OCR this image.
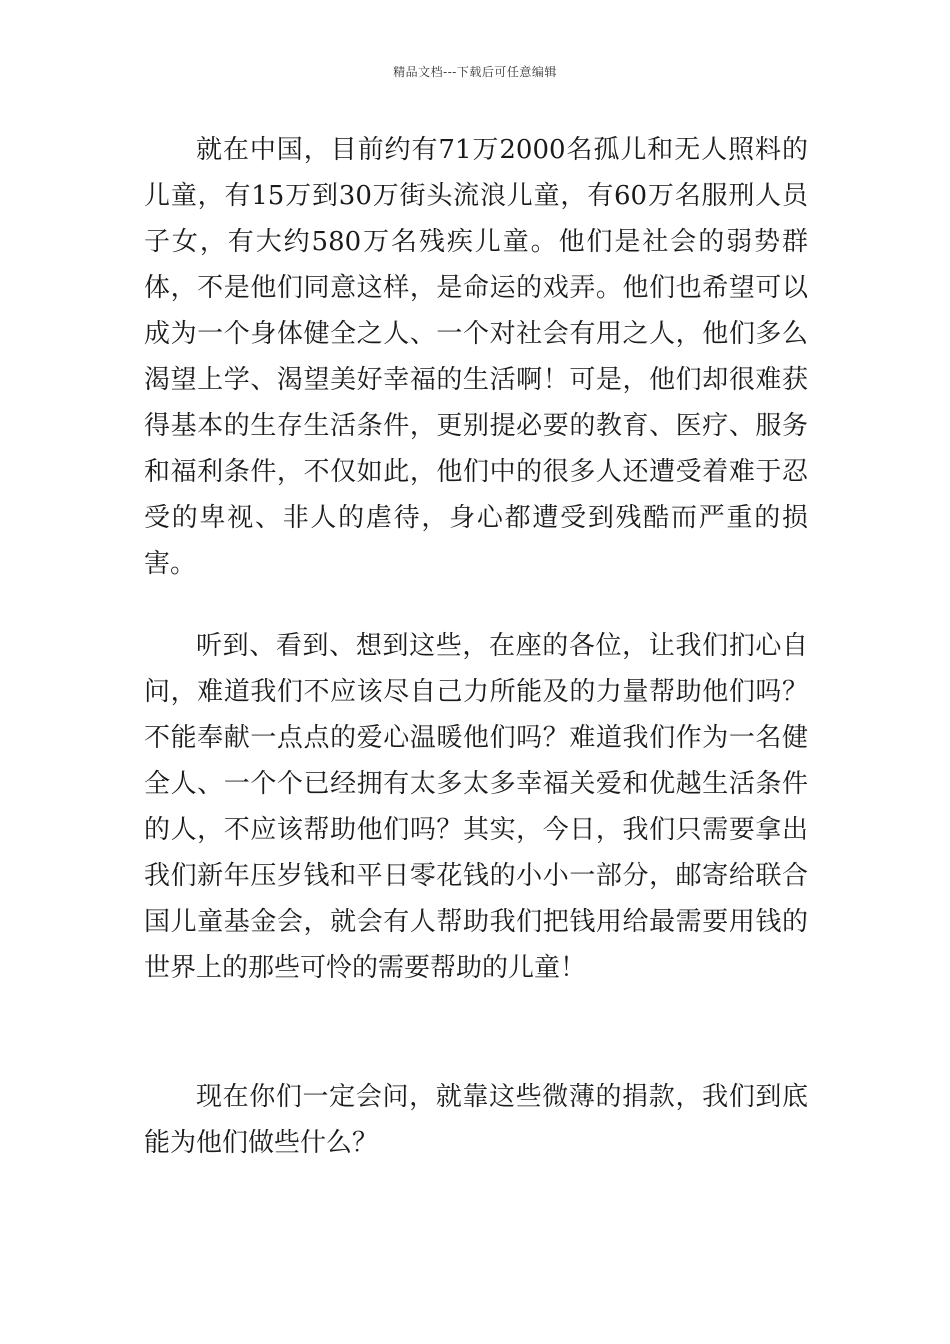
精品文档---下载后可任意编辑

就在中国，目前约有71万2000名孤儿和无人照料的儿童，有15万到30万街头流浪儿童，有60万名服刑人员子女，有大约580万名残疾儿童。他们是社会的弱势群体，不是他们同意这样，是命运的戏弄。他们也希望可以成为一个身体健全之人、一个对社会有用之人，他们多么渴望上学、渴望美好幸福的生活啊！可是，他们却很难获得基本的生存生活条件，更别提必要的教育、医疗、服务和福利条件，不仅如此，他们中的很多人还遭受着难于忍受的卑视、非人的虐待，身心都遭受到残酷而严重的损害。

听到、看到、想到这些，在座的各位，让我们扪心自问，难道我们不应该尽自己力所能及的力量帮助他们吗？不能奉献一点点的爱心温暖他们吗？难道我们作为一名健全人、一个个已经拥有太多太多幸福关爱和优越生活条件的人，不应该帮助他们吗？其实，今日，我们只需要拿出我们新年压岁钱和平日零花钱的小小一部分，邮寄给联合国儿童基金会，就会有人帮助我们把钱用给最需要用钱的世界上的那些可怜的需要帮助的儿童！

现在你们一定会问，就靠这些微薄的捐款，我们到底能为他们做些什么？
